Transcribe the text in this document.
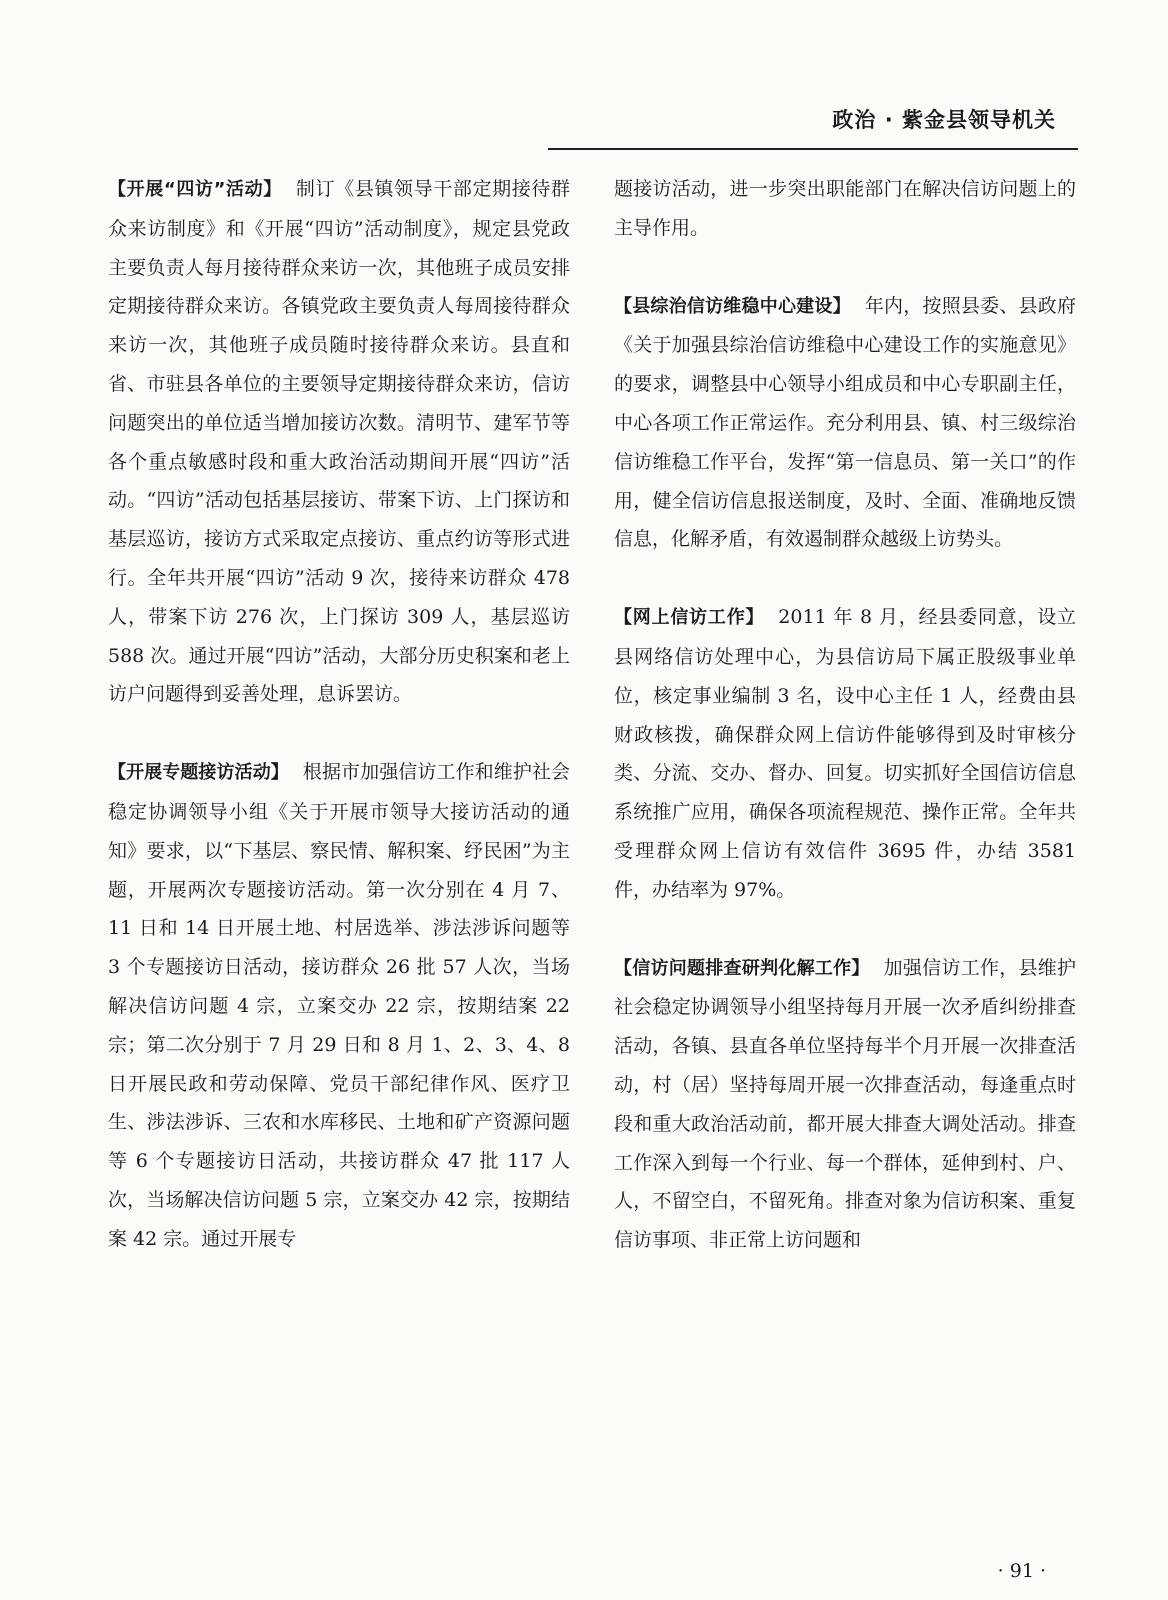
政治 · 紫金县领导机关

【开展“四访”活动】 制订《县镇领导干部定期接待群众来访制度》和《开展“四访”活动制度》，规定县党政主要负责人每月接待群众来访一次，其他班子成员安排定期接待群众来访。各镇党政主要负责人每周接待群众来访一次，其他班子成员随时接待群众来访。县直和省、市驻县各单位的主要领导定期接待群众来访，信访问题突出的单位适当增加接访次数。清明节、建军节等各个重点敏感时段和重大政治活动期间开展“四访”活动。“四访”活动包括基层接访、带案下访、上门探访和基层巡访，接访方式采取定点接访、重点约访等形式进行。全年共开展“四访”活动 9 次，接待来访群众 478 人，带案下访 276 次，上门探访 309 人，基层巡访 588 次。通过开展“四访”活动，大部分历史积案和老上访户问题得到妥善处理，息诉罢访。

【开展专题接访活动】 根据市加强信访工作和维护社会稳定协调领导小组《关于开展市领导大接访活动的通知》要求，以“下基层、察民情、解积案、纾民困”为主题，开展两次专题接访活动。第一次分别在 4 月 7、11 日和 14 日开展土地、村居选举、涉法涉诉问题等 3 个专题接访日活动，接访群众 26 批 57 人次，当场解决信访问题 4 宗，立案交办 22 宗，按期结案 22 宗；第二次分别于 7 月 29 日和 8 月 1、2、3、4、8 日开展民政和劳动保障、党员干部纪律作风、医疗卫生、涉法涉诉、三农和水库移民、土地和矿产资源问题等 6 个专题接访日活动，共接访群众 47 批 117 人次，当场解决信访问题 5 宗，立案交办 42 宗，按期结案 42 宗。通过开展专

题接访活动，进一步突出职能部门在解决信访问题上的主导作用。

【县综治信访维稳中心建设】 年内，按照县委、县政府《关于加强县综治信访维稳中心建设工作的实施意见》的要求，调整县中心领导小组成员和中心专职副主任，中心各项工作正常运作。充分利用县、镇、村三级综治信访维稳工作平台，发挥“第一信息员、第一关口”的作用，健全信访信息报送制度，及时、全面、准确地反馈信息，化解矛盾，有效遏制群众越级上访势头。

【网上信访工作】 2011 年 8 月，经县委同意，设立县网络信访处理中心，为县信访局下属正股级事业单位，核定事业编制 3 名，设中心主任 1 人，经费由县财政核拨，确保群众网上信访件能够得到及时审核分类、分流、交办、督办、回复。切实抓好全国信访信息系统推广应用，确保各项流程规范、操作正常。全年共受理群众网上信访有效信件 3695 件，办结 3581 件，办结率为 97%。

【信访问题排查研判化解工作】 加强信访工作，县维护社会稳定协调领导小组坚持每月开展一次矛盾纠纷排查活动，各镇、县直各单位坚持每半个月开展一次排查活动，村（居）坚持每周开展一次排查活动，每逢重点时段和重大政治活动前，都开展大排查大调处活动。排查工作深入到每一个行业、每一个群体，延伸到村、户、人，不留空白，不留死角。排查对象为信访积案、重复信访事项、非正常上访问题和

· 91 ·
